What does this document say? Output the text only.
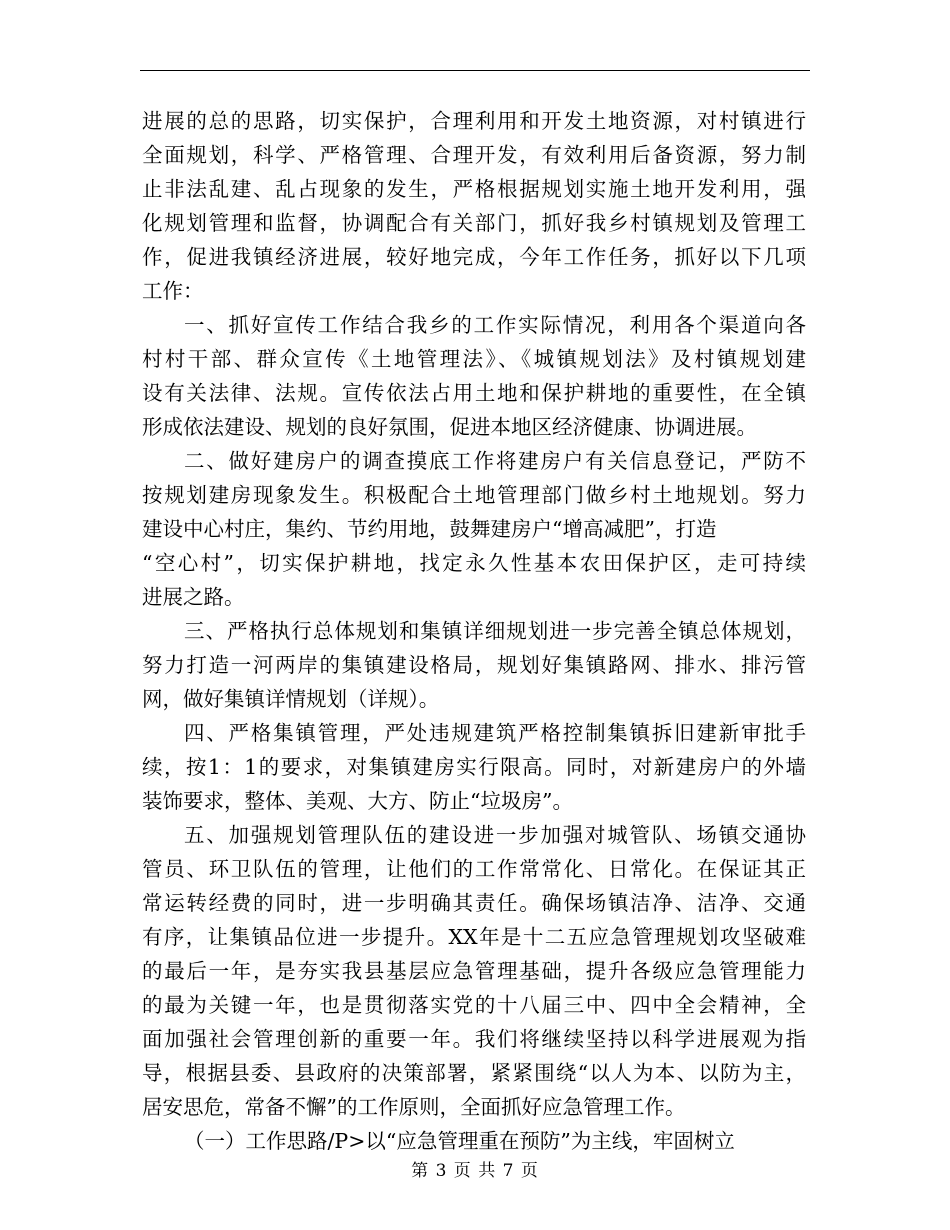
进展的总的思路，切实保护，合理利用和开发土地资源，对村镇进行
全面规划，科学、严格管理、合理开发，有效利用后备资源，努力制
止非法乱建、乱占现象的发生，严格根据规划实施土地开发利用，强
化规划管理和监督，协调配合有关部门，抓好我乡村镇规划及管理工
作，促进我镇经济进展，较好地完成，今年工作任务，抓好以下几项
工作：
一、抓好宣传工作结合我乡的工作实际情况，利用各个渠道向各
村村干部、群众宣传《土地管理法》、《城镇规划法》及村镇规划建
设有关法律、法规。宣传依法占用土地和保护耕地的重要性，在全镇
形成依法建设、规划的良好氛围，促进本地区经济健康、协调进展。
二、做好建房户的调查摸底工作将建房户有关信息登记，严防不
按规划建房现象发生。积极配合土地管理部门做乡村土地规划。努力
建设中心村庄，集约、节约用地，鼓舞建房户“增高减肥”，打造
“空心村”，切实保护耕地，找定永久性基本农田保护区，走可持续
进展之路。
三、严格执行总体规划和集镇详细规划进一步完善全镇总体规划，
努力打造一河两岸的集镇建设格局，规划好集镇路网、排水、排污管
网，做好集镇详情规划（详规）。
四、严格集镇管理，严处违规建筑严格控制集镇拆旧建新审批手
续，按1：1的要求，对集镇建房实行限高。同时，对新建房户的外墙
装饰要求，整体、美观、大方、防止“垃圾房”。
五、加强规划管理队伍的建设进一步加强对城管队、场镇交通协
管员、环卫队伍的管理，让他们的工作常常化、日常化。在保证其正
常运转经费的同时，进一步明确其责任。确保场镇洁净、洁净、交通
有序，让集镇品位进一步提升。XX年是十二五应急管理规划攻坚破难
的最后一年，是夯实我县基层应急管理基础，提升各级应急管理能力
的最为关键一年，也是贯彻落实党的十八届三中、四中全会精神，全
面加强社会管理创新的重要一年。我们将继续坚持以科学进展观为指
导，根据县委、县政府的决策部署，紧紧围绕“以人为本、以防为主，
居安思危，常备不懈”的工作原则，全面抓好应急管理工作。
（一）工作思路/P>以“应急管理重在预防”为主线，牢固树立
第 3 页 共 7 页
